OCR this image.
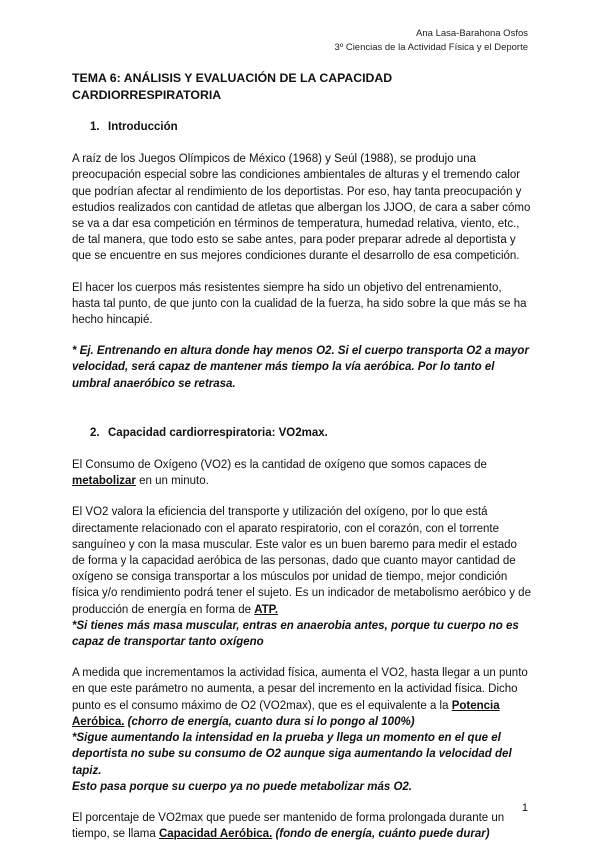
Ana Lasa-Barahona Osfos
3º Ciencias de la Actividad Física y el Deporte
TEMA 6: ANÁLISIS Y EVALUACIÓN DE LA CAPACIDAD CARDIORRESPIRATORIA
1. Introducción

A raíz de los Juegos Olímpicos de México (1968) y Seúl (1988), se produjo una preocupación especial sobre las condiciones ambientales de alturas y el tremendo calor que podrían afectar al rendimiento de los deportistas. Por eso, hay tanta preocupación y estudios realizados con cantidad de atletas que albergan los JJOO, de cara a saber cómo se va a dar esa competición en términos de temperatura, humedad relativa, viento, etc., de tal manera, que todo esto se sabe antes, para poder preparar adrede al deportista y que se encuentre en sus mejores condiciones durante el desarrollo de esa competición.

El hacer los cuerpos más resistentes siempre ha sido un objetivo del entrenamiento, hasta tal punto, de que junto con la cualidad de la fuerza, ha sido sobre la que más se ha hecho hincapié.

* Ej. Entrenando en altura donde hay menos O2. Si el cuerpo transporta O2 a mayor velocidad, será capaz de mantener más tiempo la vía aeróbica. Por lo tanto el umbral anaeróbico se retrasa.

2. Capacidad cardiorrespiratoria: VO2max.

El Consumo de Oxígeno (VO2) es la cantidad de oxígeno que somos capaces de metabolizar en un minuto.

El VO2 valora la eficiencia del transporte y utilización del oxígeno, por lo que está directamente relacionado con el aparato respiratorio, con el corazón, con el torrente sanguíneo y con la masa muscular. Este valor es un buen baremo para medir el estado de forma y la capacidad aeróbica de las personas, dado que cuanto mayor cantidad de oxígeno se consiga transportar a los músculos por unidad de tiempo, mejor condición física y/o rendimiento podrá tener el sujeto. Es un indicador de metabolismo aeróbico y de producción de energía en forma de ATP.
*Si tienes más masa muscular, entras en anaerobia antes, porque tu cuerpo no es capaz de transportar tanto oxígeno

A medida que incrementamos la actividad física, aumenta el VO2, hasta llegar a un punto en que este parámetro no aumenta, a pesar del incremento en la actividad física. Dicho punto es el consumo máximo de O2 (VO2max), que es el equivalente a la Potencia Aeróbica. (chorro de energía, cuanto dura si lo pongo al 100%)
*Sigue aumentando la intensidad en la prueba y llega un momento en el que el deportista no sube su consumo de O2 aunque siga aumentando la velocidad del tapiz.
Esto pasa porque su cuerpo ya no puede metabolizar más O2.

El porcentaje de VO2max que puede ser mantenido de forma prolongada durante un tiempo, se llama Capacidad Aeróbica. (fondo de energía, cuánto puede durar)

1
